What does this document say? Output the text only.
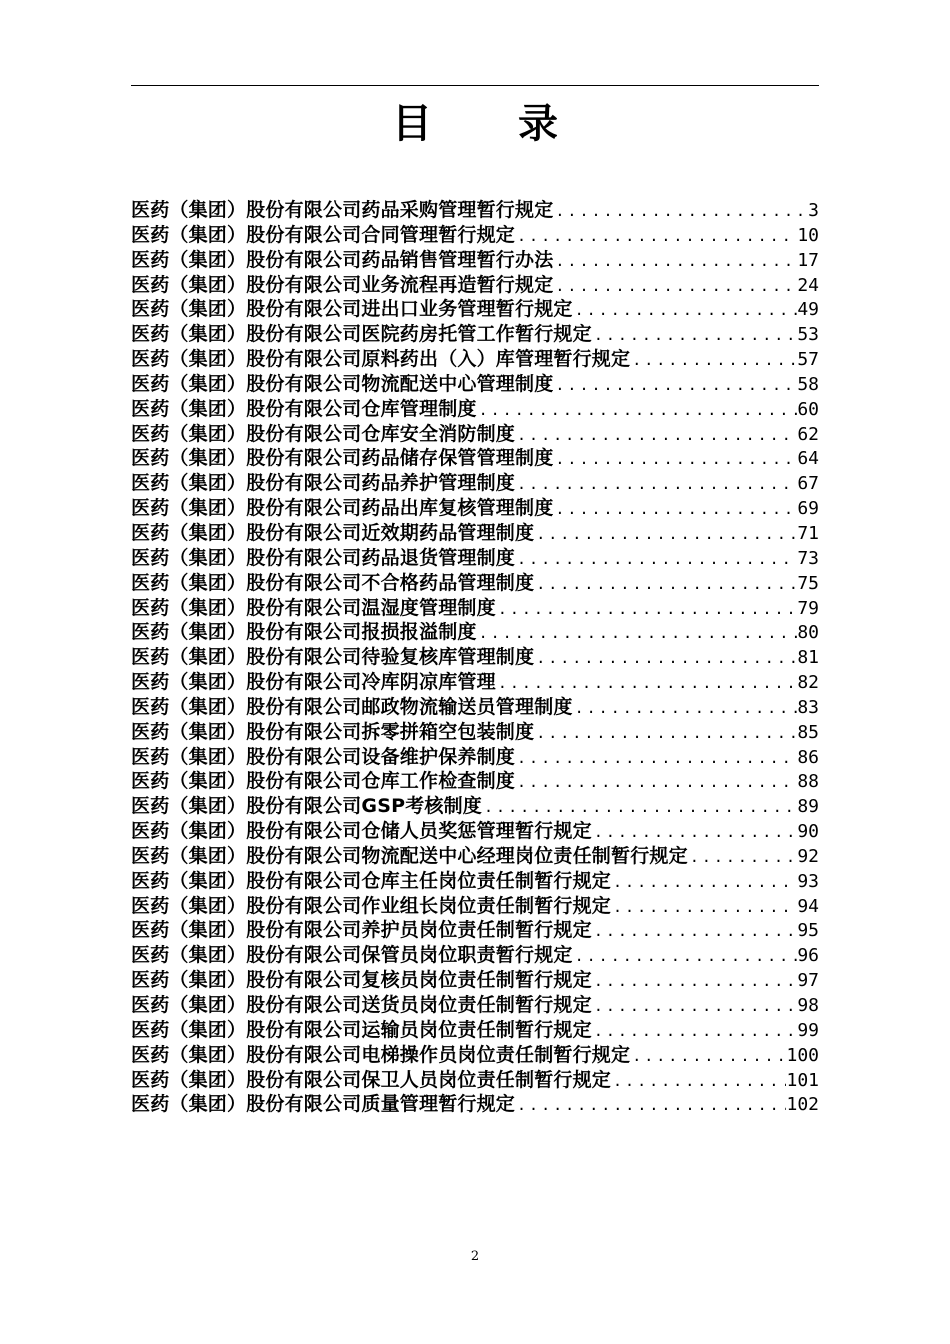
目 录
医药（集团）股份有限公司药品采购管理暂行规定 .....	3
医药（集团）股份有限公司合同管理暂行规定 .....	10
医药（集团）股份有限公司药品销售管理暂行办法 .....	17
医药（集团）股份有限公司业务流程再造暂行规定 .....	24
医药（集团）股份有限公司进出口业务管理暂行规定 .....	49
医药（集团）股份有限公司医院药房托管工作暂行规定 .....	53
医药（集团）股份有限公司原料药出（入）库管理暂行规定 .....	57
医药（集团）股份有限公司物流配送中心管理制度 .....	58
医药（集团）股份有限公司仓库管理制度 .....	60
医药（集团）股份有限公司仓库安全消防制度 .....	62
医药（集团）股份有限公司药品储存保管管理制度 .....	64
医药（集团）股份有限公司药品养护管理制度 .....	67
医药（集团）股份有限公司药品出库复核管理制度 .....	69
医药（集团）股份有限公司近效期药品管理制度 .....	71
医药（集团）股份有限公司药品退货管理制度 .....	73
医药（集团）股份有限公司不合格药品管理制度 .....	75
医药（集团）股份有限公司温湿度管理制度 .....	79
医药（集团）股份有限公司报损报溢制度 .....	80
医药（集团）股份有限公司待验复核库管理制度 .....	81
医药（集团）股份有限公司冷库阴凉库管理 .....	82
医药（集团）股份有限公司邮政物流输送员管理制度 .....	83
医药（集团）股份有限公司拆零拼箱空包装制度 .....	85
医药（集团）股份有限公司设备维护保养制度 .....	86
医药（集团）股份有限公司仓库工作检查制度 .....	88
医药（集团）股份有限公司GSP考核制度 .....	89
医药（集团）股份有限公司仓储人员奖惩管理暂行规定 .....	90
医药（集团）股份有限公司物流配送中心经理岗位责任制暂行规定 .....	92
医药（集团）股份有限公司仓库主任岗位责任制暂行规定 .....	93
医药（集团）股份有限公司作业组长岗位责任制暂行规定 .....	94
医药（集团）股份有限公司养护员岗位责任制暂行规定 .....	95
医药（集团）股份有限公司保管员岗位职责暂行规定 .....	96
医药（集团）股份有限公司复核员岗位责任制暂行规定 .....	97
医药（集团）股份有限公司送货员岗位责任制暂行规定 .....	98
医药（集团）股份有限公司运输员岗位责任制暂行规定 .....	99
医药（集团）股份有限公司电梯操作员岗位责任制暂行规定 .....	100
医药（集团）股份有限公司保卫人员岗位责任制暂行规定 .....	101
医药（集团）股份有限公司质量管理暂行规定 .....	102
2
